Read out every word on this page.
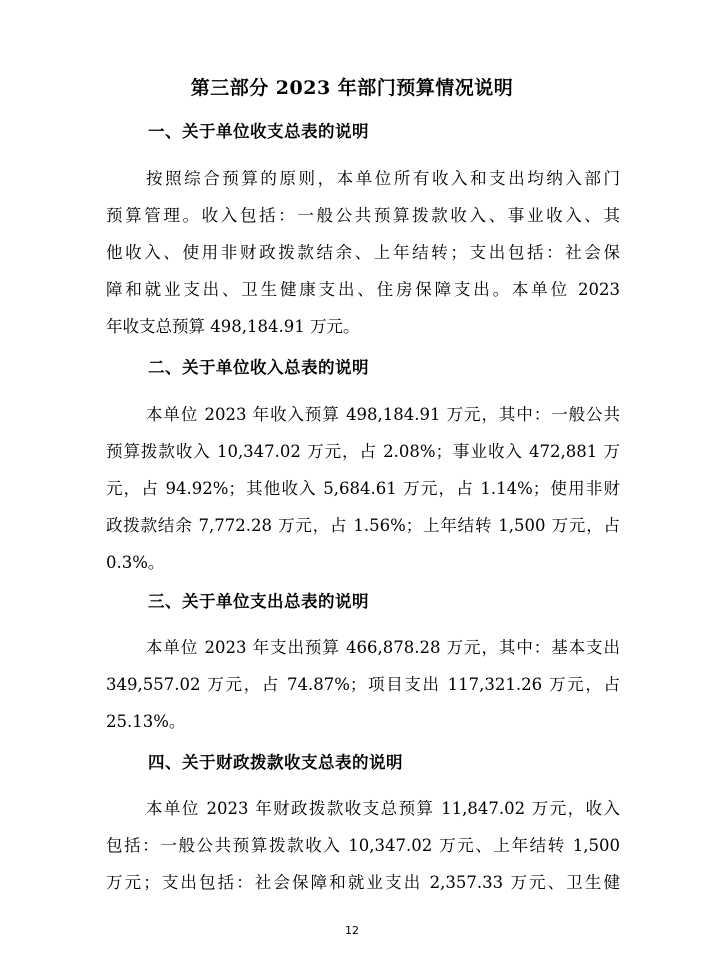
第三部分 2023 年部门预算情况说明
一、关于单位收支总表的说明
按照综合预算的原则，本单位所有收入和支出均纳入部门
预算管理。收入包括：一般公共预算拨款收入、事业收入、其
他收入、使用非财政拨款结余、上年结转；支出包括：社会保
障和就业支出、卫生健康支出、住房保障支出。本单位 2023
年收支总预算 498,184.91 万元。
二、关于单位收入总表的说明
本单位 2023 年收入预算 498,184.91 万元，其中：一般公共
预算拨款收入 10,347.02 万元，占 2.08%；事业收入 472,881 万
元，占 94.92%；其他收入 5,684.61 万元，占 1.14%；使用非财
政拨款结余 7,772.28 万元，占 1.56%；上年结转 1,500 万元，占
0.3%。
三、关于单位支出总表的说明
本单位 2023 年支出预算 466,878.28 万元，其中：基本支出
349,557.02 万元，占 74.87%；项目支出 117,321.26 万元，占
25.13%。
四、关于财政拨款收支总表的说明
本单位 2023 年财政拨款收支总预算 11,847.02 万元，收入
包括：一般公共预算拨款收入 10,347.02 万元、上年结转 1,500
万元；支出包括：社会保障和就业支出 2,357.33 万元、卫生健
12
